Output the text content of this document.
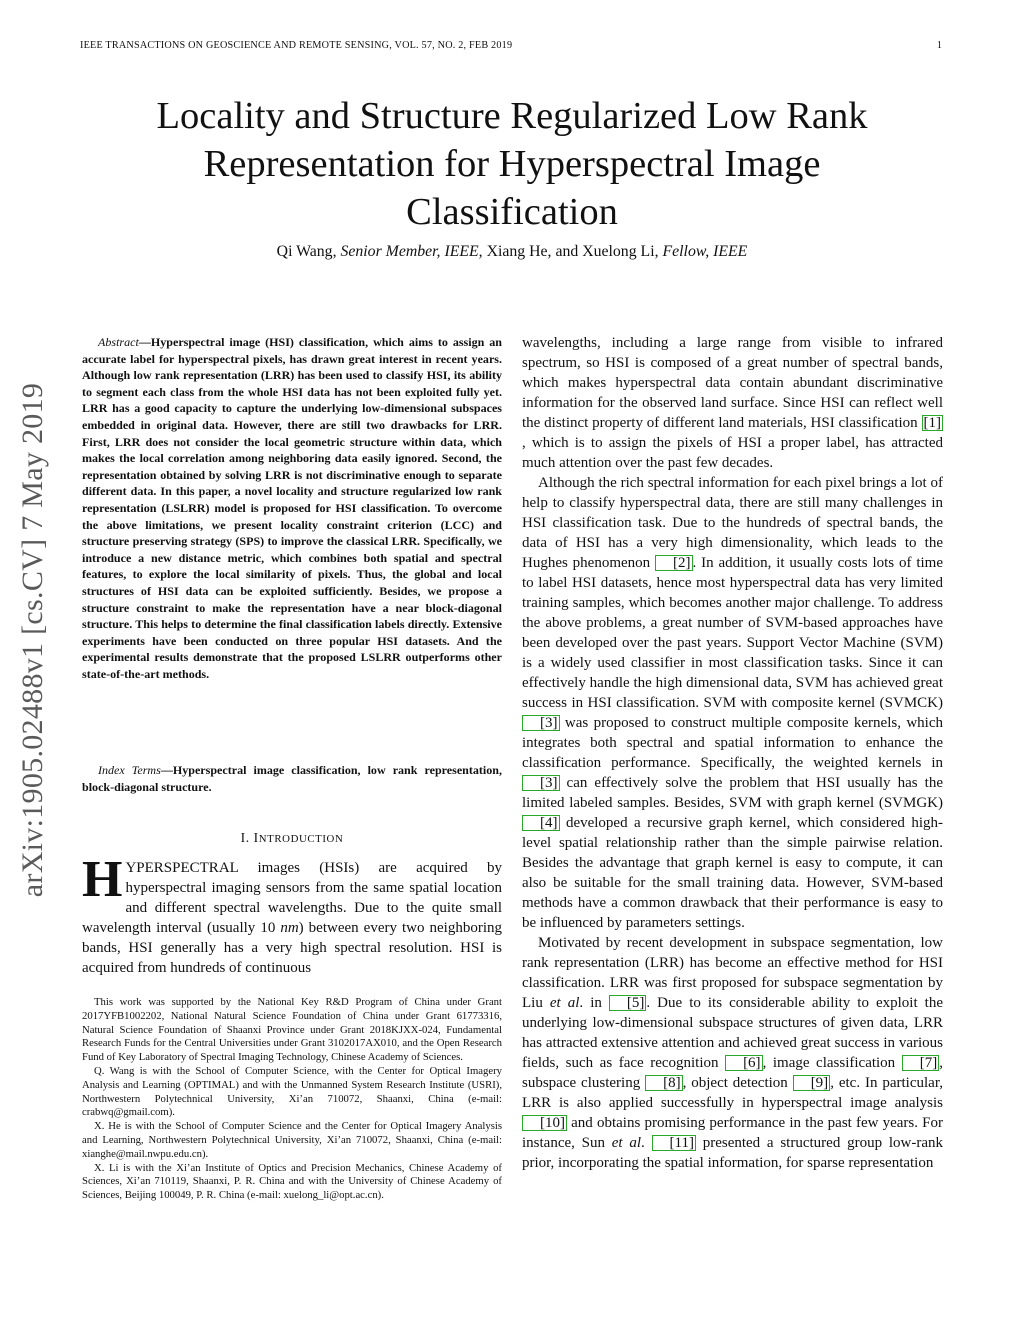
IEEE TRANSACTIONS ON GEOSCIENCE AND REMOTE SENSING, VOL. 57, NO. 2, FEB 2019	1
arXiv:1905.02488v1 [cs.CV] 7 May 2019
Locality and Structure Regularized Low Rank
Representation for Hyperspectral Image
Classification
Qi Wang, Senior Member, IEEE, Xiang He, and Xuelong Li, Fellow, IEEE

Abstract—Hyperspectral image (HSI) classification, which aims to assign an accurate label for hyperspectral pixels, has drawn great interest in recent years. Although low rank representation (LRR) has been used to classify HSI, its ability to segment each class from the whole HSI data has not been exploited fully yet. LRR has a good capacity to capture the underlying low-dimensional subspaces embedded in original data. However, there are still two drawbacks for LRR. First, LRR does not consider the local geometric structure within data, which makes the local correlation among neighboring data easily ignored. Second, the representation obtained by solving LRR is not discriminative enough to separate different data. In this paper, a novel locality and structure regularized low rank representation (LSLRR) model is proposed for HSI classification. To overcome the above limitations, we present locality constraint criterion (LCC) and structure preserving strategy (SPS) to improve the classical LRR. Specifically, we introduce a new distance metric, which combines both spatial and spectral features, to explore the local similarity of pixels. Thus, the global and local structures of HSI data can be exploited sufficiently. Besides, we propose a structure constraint to make the representation have a near block-diagonal structure. This helps to determine the final classification labels directly. Extensive experiments have been conducted on three popular HSI datasets. And the experimental results demonstrate that the proposed LSLRR outperforms other state-of-the-art methods.

Index Terms—Hyperspectral image classification, low rank representation, block-diagonal structure.
I. INTRODUCTION
HYPERSPECTRAL images (HSIs) are acquired by hyperspectral imaging sensors from the same spatial location and different spectral wavelengths. Due to the quite small wavelength interval (usually 10 nm) between every two neighboring bands, HSI generally has a very high spectral resolution. HSI is acquired from hundreds of continuous

This work was supported by the National Key R&D Program of China under Grant 2017YFB1002202, National Natural Science Foundation of China under Grant 61773316, Natural Science Foundation of Shaanxi Province under Grant 2018KJXX-024, Fundamental Research Funds for the Central Universities under Grant 3102017AX010, and the Open Research Fund of Key Laboratory of Spectral Imaging Technology, Chinese Academy of Sciences.

Q. Wang is with the School of Computer Science, with the Center for Optical Imagery Analysis and Learning (OPTIMAL) and with the Unmanned System Research Institute (USRI), Northwestern Polytechnical University, Xi’an 710072, Shaanxi, China (e-mail: crabwq@gmail.com).

X. He is with the School of Computer Science and the Center for Optical Imagery Analysis and Learning, Northwestern Polytechnical University, Xi’an 710072, Shaanxi, China (e-mail: xianghe@mail.nwpu.edu.cn).

X. Li is with the Xi’an Institute of Optics and Precision Mechanics, Chinese Academy of Sciences, Xi’an 710119, Shaanxi, P. R. China and with the University of Chinese Academy of Sciences, Beijing 100049, P. R. China (e-mail: xuelong_li@opt.ac.cn).

wavelengths, including a large range from visible to infrared spectrum, so HSI is composed of a great number of spectral bands, which makes hyperspectral data contain abundant discriminative information for the observed land surface. Since HSI can reflect well the distinct property of different land materials, HSI classification [1], which is to assign the pixels of HSI a proper label, has attracted much attention over the past few decades.

Although the rich spectral information for each pixel brings a lot of help to classify hyperspectral data, there are still many challenges in HSI classification task. Due to the hundreds of spectral bands, the data of HSI has a very high dimensionality, which leads to the Hughes phenomenon [2] . In addition, it usually costs lots of time to label HSI datasets, hence most hyperspectral data has very limited training samples, which becomes another major challenge. To address the above problems, a great number of SVM-based approaches have been developed over the past years. Support Vector Machine (SVM) is a widely used classifier in most classification tasks. Since it can effectively handle the high dimensional data, SVM has achieved great success in HSI classification. SVM with composite kernel (SVMCK) [3] was proposed to construct multiple composite kernels, which integrates both spectral and spatial information to enhance the classification performance. Specifically, the weighted kernels in [3] can effectively solve the problem that HSI usually has the limited labeled samples. Besides, SVM with graph kernel (SVMGK) [4] developed a recursive graph kernel, which considered high-level spatial relationship rather than the simple pairwise relation. Besides the advantage that graph kernel is easy to compute, it can also be suitable for the small training data. However, SVM-based methods have a common drawback that their performance is easy to be influenced by parameters settings.

Motivated by recent development in subspace segmentation, low rank representation (LRR) has become an effective method for HSI classification. LRR was first proposed for subspace segmentation by Liu et al. in [5] . Due to its considerable ability to exploit the underlying low-dimensional subspace structures of given data, LRR has attracted extensive attention and achieved great success in various fields, such as face recognition [6] , image classification [7] , subspace clustering [8] , object detection [9] , etc. In particular, LRR is also applied successfully in hyperspectral image analysis [10] and obtains promising performance in the past few years. For instance, Sun et al. [11] presented a structured group low-rank prior, incorporating the spatial information, for sparse representation
